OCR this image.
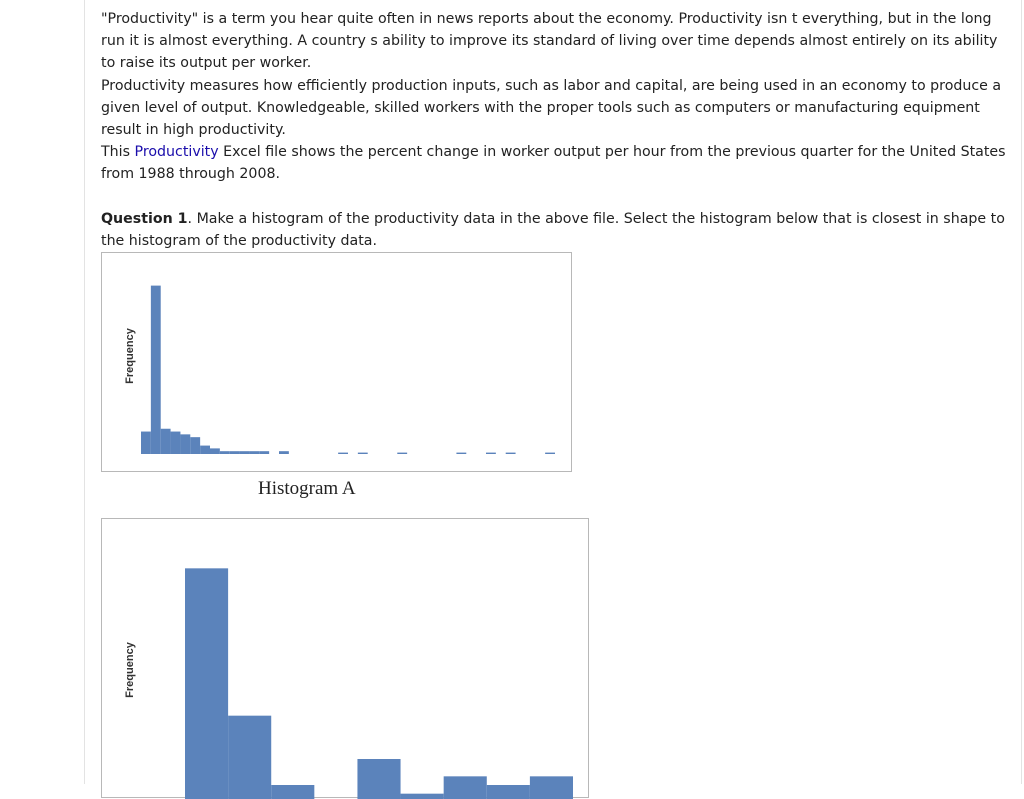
"Productivity" is a term you hear quite often in news reports about the economy. Productivity isn t everything, but in the long run it is almost everything. A country s ability to improve its standard of living over time depends almost entirely on its ability to raise its output per worker.

Productivity measures how efficiently production inputs, such as labor and capital, are being used in an economy to produce a given level of output. Knowledgeable, skilled workers with the proper tools such as computers or manufacturing equipment result in high productivity.

This Productivity Excel file shows the percent change in worker output per hour from the previous quarter for the United States from 1988 through 2008.

Question 1. Make a histogram of the productivity data in the above file. Select the histogram below that is closest in shape to the histogram of the productivity data.

Frequency
Histogram A
Frequency
